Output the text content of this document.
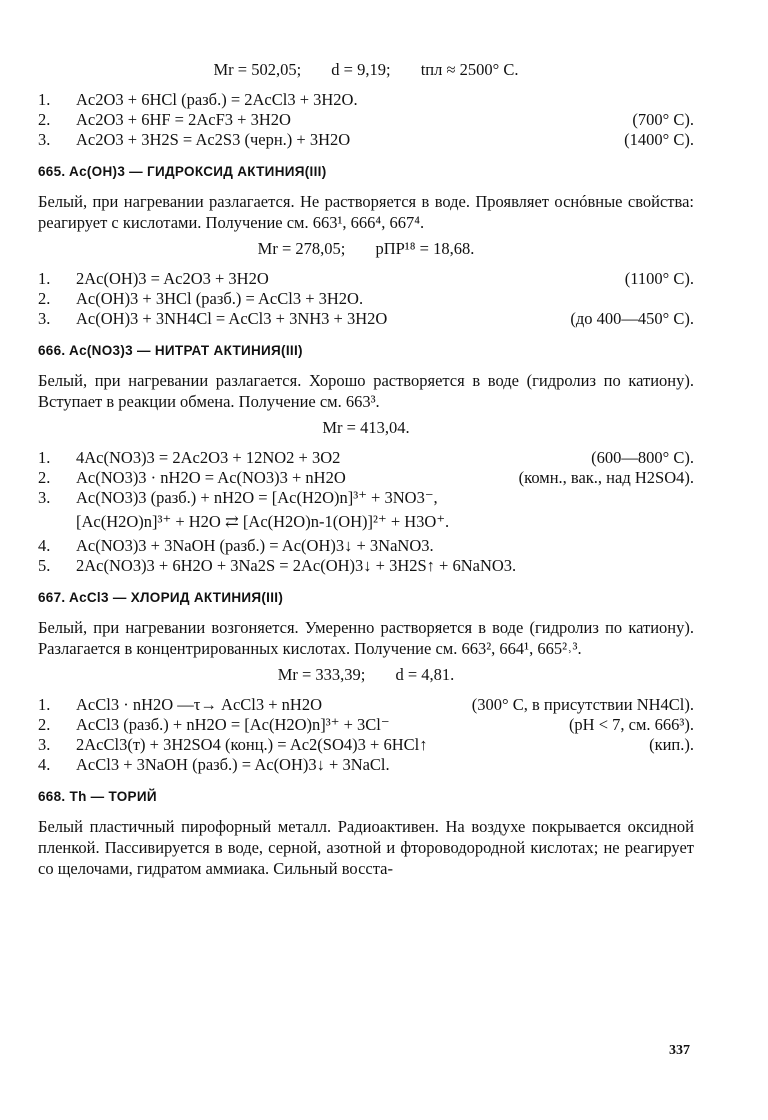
Mr = 502,05; d = 9,19; tпл ≈ 2500° C.
1.	Ac2O3 + 6HCl (разб.) = 2AcCl3 + 3H2O.
2.	Ac2O3 + 6HF = 2AcF3 + 3H2O	(700° C).
3.	Ac2O3 + 3H2S = Ac2S3 (черн.) + 3H2O	(1400° C).
665. Ac(OH)3 — ГИДРОКСИД АКТИНИЯ(III)
Белый, при нагревании разлагается. Не растворяется в воде. Проявляет оснóвные свойства: реагирует с кислотами. Получение см. 663¹, 666⁴, 667⁴.
Mr = 278,05; pПР¹⁸ = 18,68.
1.	2Ac(OH)3 = Ac2O3 + 3H2O	(1100° C).
2.	Ac(OH)3 + 3HCl (разб.) = AcCl3 + 3H2O.
3.	Ac(OH)3 + 3NH4Cl = AcCl3 + 3NH3 + 3H2O	(до 400—450° C).
666. Ac(NO3)3 — НИТРАТ АКТИНИЯ(III)
Белый, при нагревании разлагается. Хорошо растворяется в воде (гидролиз по катиону). Вступает в реакции обмена. Получение см. 663³.
Mr = 413,04.
1.	4Ac(NO3)3 = 2Ac2O3 + 12NO2 + 3O2	(600—800° C).
2.	Ac(NO3)3 · nH2O = Ac(NO3)3 + nH2O	(комн., вак., над H2SO4).
3.	Ac(NO3)3 (разб.) + nH2O = [Ac(H2O)n]³⁺ + 3NO3⁻,
[Ac(H2O)n]³⁺ + H2O ⇄ [Ac(H2O)n-1(OH)]²⁺ + H3O⁺.
4.	Ac(NO3)3 + 3NaOH (разб.) = Ac(OH)3↓ + 3NaNO3.
5.	2Ac(NO3)3 + 6H2O + 3Na2S = 2Ac(OH)3↓ + 3H2S↑ + 6NaNO3.
667. AcCl3 — ХЛОРИД АКТИНИЯ(III)
Белый, при нагревании возгоняется. Умеренно растворяется в воде (гидролиз по катиону). Разлагается в концентрированных кислотах. Получение см. 663², 664¹, 665²˒³.
Mr = 333,39; d = 4,81.
1.	AcCl3 · nH2O —τ→ AcCl3 + nH2O	(300° C, в присутствии NH4Cl).
2.	AcCl3 (разб.) + nH2O = [Ac(H2O)n]³⁺ + 3Cl⁻	(pH < 7, см. 666³).
3.	2AcCl3(т) + 3H2SO4 (конц.) = Ac2(SO4)3 + 6HCl↑	(кип.).
4.	AcCl3 + 3NaOH (разб.) = Ac(OH)3↓ + 3NaCl.
668. Th — ТОРИЙ
Белый пластичный пирофорный металл. Радиоактивен. На воздухе покрывается оксидной пленкой. Пассивируется в воде, серной, азотной и фтороводородной кислотах; не реагирует со щелочами, гидратом аммиака. Сильный восста-
337
